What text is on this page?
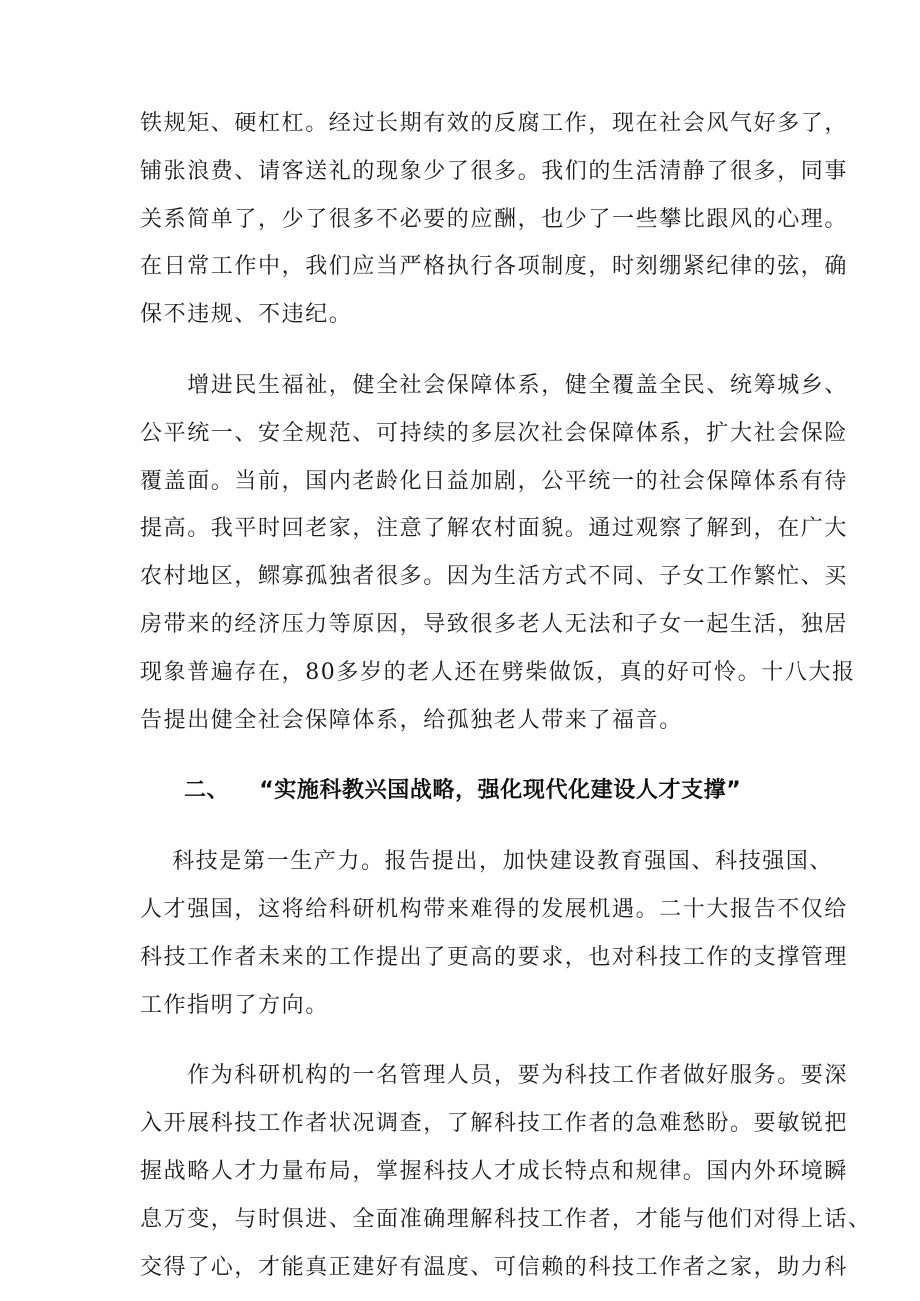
铁规矩、硬杠杠。经过长期有效的反腐工作，现在社会风气好多了，
铺张浪费、请客送礼的现象少了很多。我们的生活清静了很多，同事
关系简单了，少了很多不必要的应酬，也少了一些攀比跟风的心理。
在日常工作中，我们应当严格执行各项制度，时刻绷紧纪律的弦，确
保不违规、不违纪。

　　增进民生福祉，健全社会保障体系，健全覆盖全民、统筹城乡、
公平统一、安全规范、可持续的多层次社会保障体系，扩大社会保险
覆盖面。当前，国内老龄化日益加剧，公平统一的社会保障体系有待
提高。我平时回老家，注意了解农村面貌。通过观察了解到，在广大
农村地区，鳏寡孤独者很多。因为生活方式不同、子女工作繁忙、买
房带来的经济压力等原因，导致很多老人无法和子女一起生活，独居
现象普遍存在，80多岁的老人还在劈柴做饭，真的好可怜。十八大报
告提出健全社会保障体系，给孤独老人带来了福音。

二、 “实施科教兴国战略，强化现代化建设人才支撑”

　 科技是第一生产力。报告提出，加快建设教育强国、科技强国、
人才强国，这将给科研机构带来难得的发展机遇。二十大报告不仅给
科技工作者未来的工作提出了更高的要求，也对科技工作的支撑管理
工作指明了方向。

　　作为科研机构的一名管理人员，要为科技工作者做好服务。要深
入开展科技工作者状况调查，了解科技工作者的急难愁盼。要敏锐把
握战略人才力量布局，掌握科技人才成长特点和规律。国内外环境瞬
息万变，与时俱进、全面准确理解科技工作者，才能与他们对得上话、
交得了心，才能真正建好有温度、可信赖的科技工作者之家，助力科
